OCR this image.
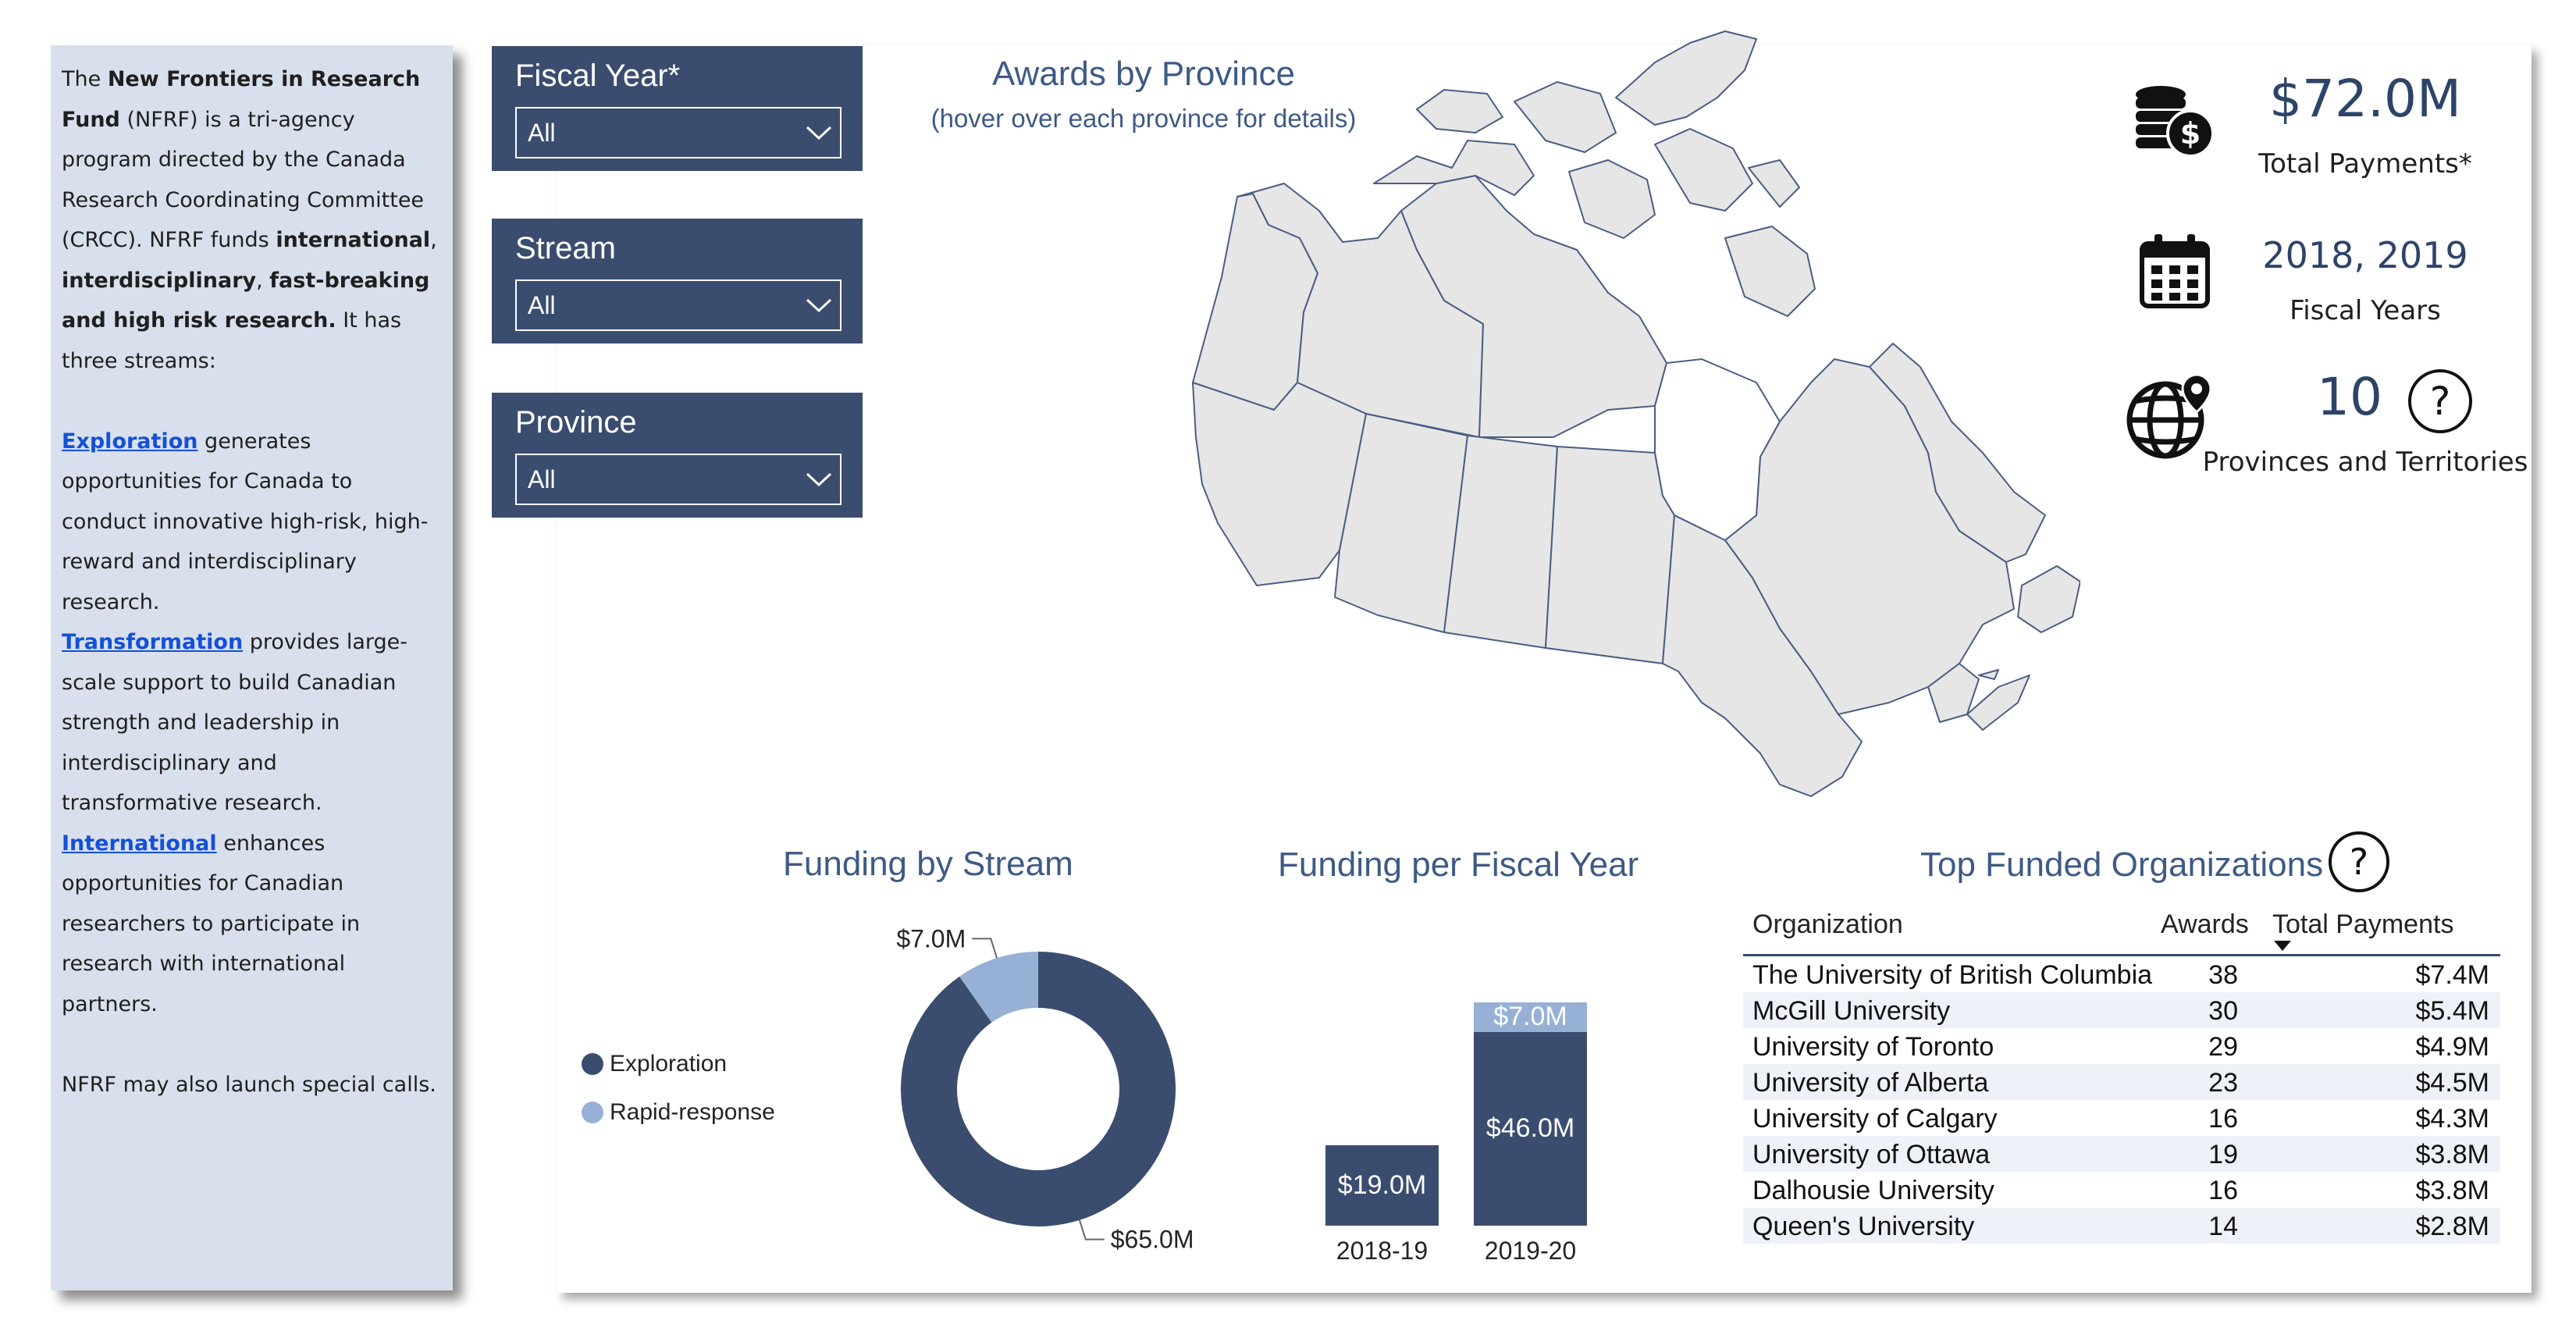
The New Frontiers in Research Fund (NFRF) is a tri-agency program directed by the Canada Research Coordinating Committee (CRCC). NFRF funds international, interdisciplinary, fast-breaking and high risk research. It has three streams:

Exploration generates opportunities for Canada to conduct innovative high-risk, high-reward and interdisciplinary research.

Transformation provides large-scale support to build Canadian strength and leadership in interdisciplinary and transformative research.

International enhances opportunities for Canadian researchers to participate in research with international partners.

NFRF may also launch special calls.

Fiscal Year*
All
Stream
All
Province
All
Awards by Province
(hover over each province for details)	$
$72.0M
Total Payments*
2018, 2019
Fiscal Years
10	?
Provinces and Territories
Funding by Stream
Exploration
Rapid-response
$7.0M
$65.0M
Funding per Fiscal Year
$19.0M
2018-19
$46.0M
$7.0M
2019-20
Top Funded Organizations ?
Organization	Awards Total Payments
The University of British Columbia	38	$7.4M
McGill University	30	$5.4M
University of Toronto	29	$4.9M
University of Alberta	23	$4.5M
University of Calgary	16	$4.3M
University of Ottawa	19	$3.8M
Dalhousie University	16	$3.8M
Queen's University	14	$2.8M
